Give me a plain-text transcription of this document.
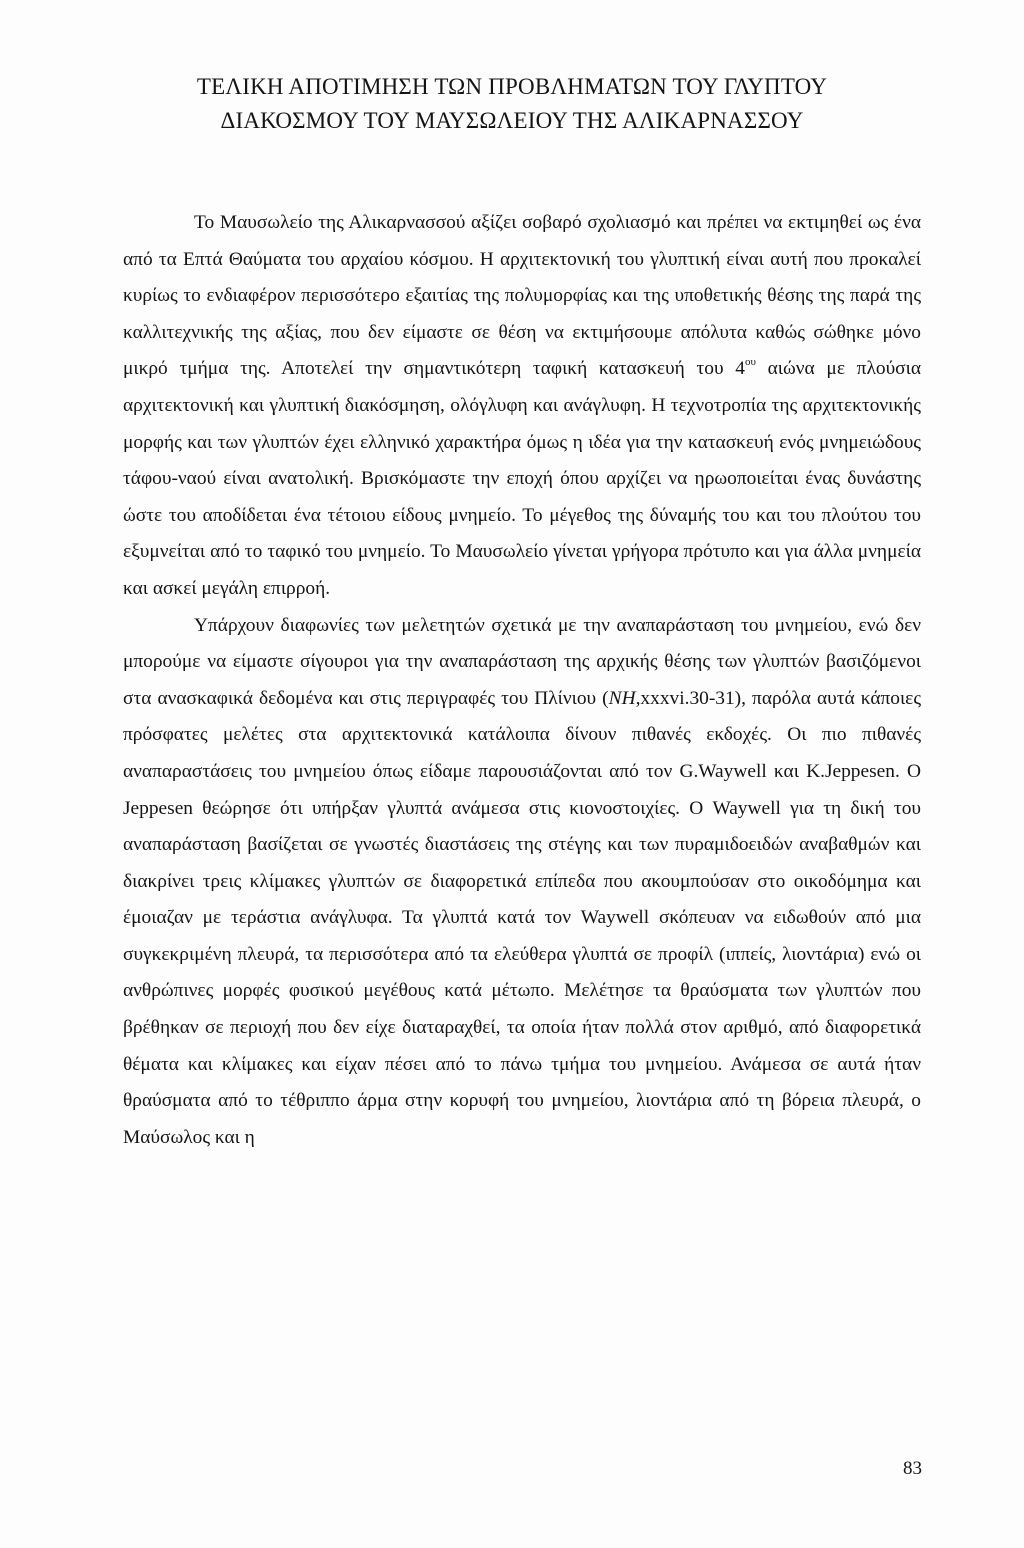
ΤΕΛΙΚΗ ΑΠΟΤΙΜΗΣΗ ΤΩΝ ΠΡΟΒΛΗΜΑΤΩΝ ΤΟΥ ΓΛΥΠΤΟΥ
ΔΙΑΚΟΣΜΟΥ ΤΟΥ ΜΑΥΣΩΛΕΙΟΥ ΤΗΣ ΑΛΙΚΑΡΝΑΣΣΟΥ

Το Μαυσωλείο της Αλικαρνασσού αξίζει σοβαρό σχολιασμό και πρέπει να εκτιμηθεί ως ένα από τα Επτά Θαύματα του αρχαίου κόσμου. Η αρχιτεκτονική του γλυπτική είναι αυτή που προκαλεί κυρίως το ενδιαφέρον περισσότερο εξαιτίας της πολυμορφίας και της υποθετικής θέσης της παρά της καλλιτεχνικής της αξίας, που δεν είμαστε σε θέση να εκτιμήσουμε απόλυτα καθώς σώθηκε μόνο μικρό τμήμα της. Αποτελεί την σημαντικότερη ταφική κατασκευή του $4^{o\upsilon}$ αιώνα με πλούσια αρχιτεκτονική και γλυπτική διακόσμηση, ολόγλυφη και ανάγλυφη. Η τεχνοτροπία της αρχιτεκτονικής μορφής και των γλυπτών έχει ελληνικό χαρακτήρα όμως η ιδέα για την κατασκευή ενός μνημειώδους τάφου-ναού είναι ανατολική. Βρισκόμαστε την εποχή όπου αρχίζει να ηρωοποιείται ένας δυνάστης ώστε του αποδίδεται ένα τέτοιου είδους μνημείο. Το μέγεθος της δύναμής του και του πλούτου του εξυμνείται από το ταφικό του μνημείο. Το Μαυσωλείο γίνεται γρήγορα πρότυπο και για άλλα μνημεία και ασκεί μεγάλη επιρροή.

Υπάρχουν διαφωνίες των μελετητών σχετικά με την αναπαράσταση του μνημείου, ενώ δεν μπορούμε να είμαστε σίγουροι για την αναπαράσταση της αρχικής θέσης των γλυπτών βασιζόμενοι στα ανασκαφικά δεδομένα και στις περιγραφές του Πλίνιου (NH,xxxvi.30-31), παρόλα αυτά κάποιες πρόσφατες μελέτες στα αρχιτεκτονικά κατάλοιπα δίνουν πιθανές εκδοχές. Οι πιο πιθανές αναπαραστάσεις του μνημείου όπως είδαμε παρουσιάζονται από τον G.Waywell και K.Jeppesen. Ο Jeppesen θεώρησε ότι υπήρξαν γλυπτά ανάμεσα στις κιονοστοιχίες. Ο Waywell για τη δική του αναπαράσταση βασίζεται σε γνωστές διαστάσεις της στέγης και των πυραμιδοειδών αναβαθμών και διακρίνει τρεις κλίμακες γλυπτών σε διαφορετικά επίπεδα που ακουμπούσαν στο οικοδόμημα και έμοιαζαν με τεράστια ανάγλυφα. Τα γλυπτά κατά τον Waywell σκόπευαν να ειδωθούν από μια συγκεκριμένη πλευρά, τα περισσότερα από τα ελεύθερα γλυπτά σε προφίλ (ιππείς, λιοντάρια) ενώ οι ανθρώπινες μορφές φυσικού μεγέθους κατά μέτωπο. Μελέτησε τα θραύσματα των γλυπτών που βρέθηκαν σε περιοχή που δεν είχε διαταραχθεί, τα οποία ήταν πολλά στον αριθμό, από διαφορετικά θέματα και κλίμακες και είχαν πέσει από το πάνω τμήμα του μνημείου. Ανάμεσα σε αυτά ήταν θραύσματα από το τέθριππο άρμα στην κορυφή του μνημείου, λιοντάρια από τη βόρεια πλευρά, ο Μαύσωλος και η

83
